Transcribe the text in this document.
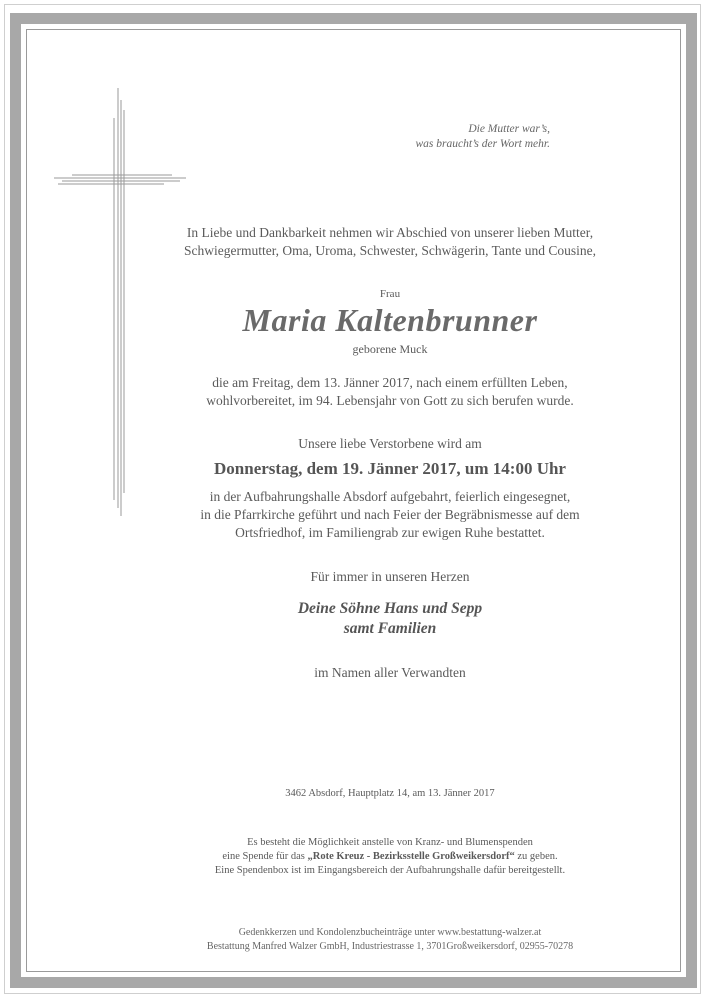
Die Mutter war’s,
was braucht’s der Wort mehr.
In Liebe und Dankbarkeit nehmen wir Abschied von unserer lieben Mutter,
Schwiegermutter, Oma, Uroma, Schwester, Schwägerin, Tante und Cousine,
Frau
Maria Kaltenbrunner
geborene Muck
die am Freitag, dem 13. Jänner 2017, nach einem erfüllten Leben,
wohlvorbereitet, im 94. Lebensjahr von Gott zu sich berufen wurde.
Unsere liebe Verstorbene wird am
Donnerstag, dem 19. Jänner 2017, um 14:00 Uhr
in der Aufbahrungshalle Absdorf aufgebahrt, feierlich eingesegnet,
in die Pfarrkirche geführt und nach Feier der Begräbnismesse auf dem
Ortsfriedhof, im Familiengrab zur ewigen Ruhe bestattet.
Für immer in unseren Herzen
Deine Söhne Hans und Sepp
samt Familien
im Namen aller Verwandten
3462 Absdorf, Hauptplatz 14, am 13. Jänner 2017
Es besteht die Möglichkeit anstelle von Kranz- und Blumenspenden
eine Spende für das „Rote Kreuz - Bezirksstelle Großweikersdorf“ zu geben.
Eine Spendenbox ist im Eingangsbereich der Aufbahrungshalle dafür bereitgestellt.
Gedenkkerzen und Kondolenzbucheinträge unter www.bestattung-walzer.at
Bestattung Manfred Walzer GmbH, Industriestrasse 1, 3701Großweikersdorf, 02955-70278
